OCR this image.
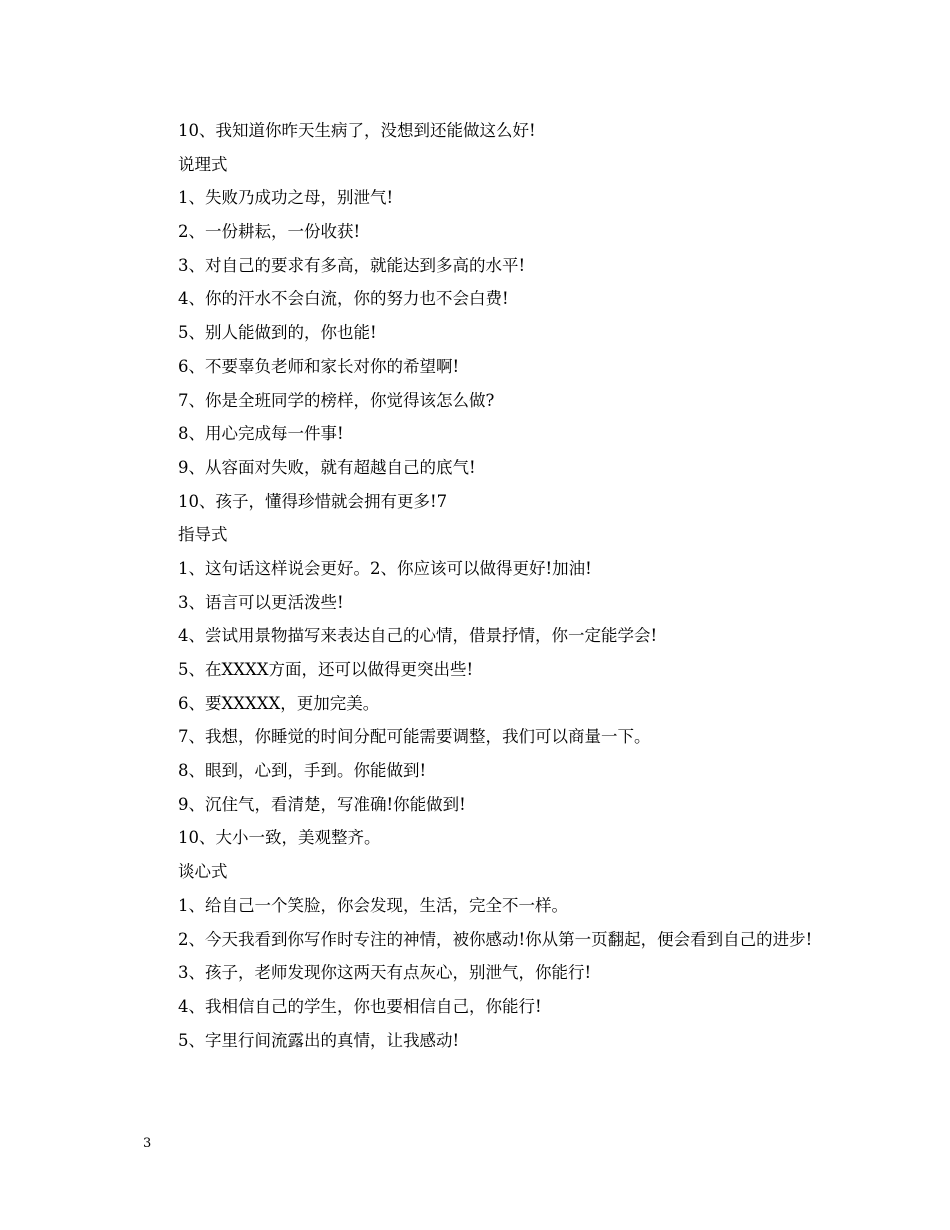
10、我知道你昨天生病了，没想到还能做这么好!
说理式
1、失败乃成功之母，别泄气!
2、一份耕耘，一份收获!
3、对自己的要求有多高，就能达到多高的水平!
4、你的汗水不会白流，你的努力也不会白费!
5、别人能做到的，你也能!
6、不要辜负老师和家长对你的希望啊!
7、你是全班同学的榜样，你觉得该怎么做?
8、用心完成每一件事!
9、从容面对失败，就有超越自己的底气!
10、孩子，懂得珍惜就会拥有更多!7
指导式
1、这句话这样说会更好。2、你应该可以做得更好!加油!
3、语言可以更活泼些!
4、尝试用景物描写来表达自己的心情，借景抒情，你一定能学会!
5、在XXXX方面，还可以做得更突出些!
6、要XXXXX，更加完美。
7、我想，你睡觉的时间分配可能需要调整，我们可以商量一下。
8、眼到，心到，手到。你能做到!
9、沉住气，看清楚，写准确!你能做到!
10、大小一致，美观整齐。
谈心式
1、给自己一个笑脸，你会发现，生活，完全不一样。
2、今天我看到你写作时专注的神情，被你感动!你从第一页翻起，便会看到自己的进步!
3、孩子，老师发现你这两天有点灰心，别泄气，你能行!
4、我相信自己的学生，你也要相信自己，你能行!
5、字里行间流露出的真情，让我感动!
3
